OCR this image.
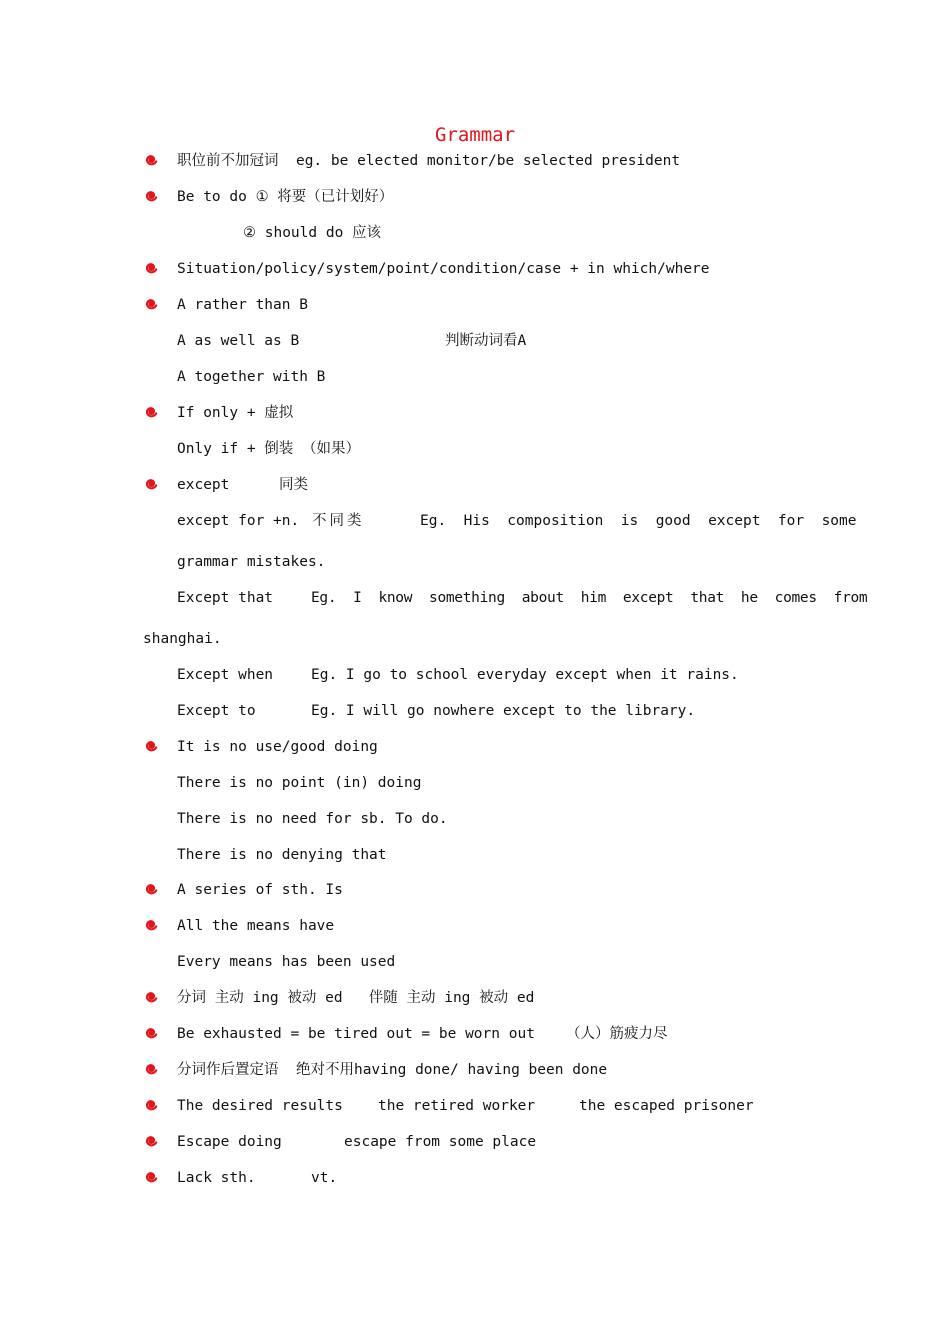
Grammar
职位前不加冠词  eg. be elected monitor/be selected president
Be to do ① 将要（已计划好）
② should do 应该
Situation/policy/system/point/condition/case + in which/where
A rather than B
A as well as B	判断动词看A
A together with B
If only + 虚拟
Only if + 倒装 （如果）
except	同类
except for +n. 不同类	Eg.  His  composition  is  good  except  for  some
grammar mistakes.
Except that	Eg.  I  know  something  about  him  except  that  he  comes  from
shanghai.
Except when	Eg. I go to school everyday except when it rains.
Except to	Eg. I will go nowhere except to the library.
It is no use/good doing
There is no point (in) doing
There is no need for sb. To do.
There is no denying that
A series of sth. Is
All the means have
Every means has been used
分词 主动 ing 被动 ed   伴随 主动 ing 被动 ed
Be exhausted = be tired out = be worn out （人）筋疲力尽
分词作后置定语  绝对不用having done/ having been done
The desired results the retired worker	the escaped prisoner
Escape doing	escape from some place
Lack sth.	vt.
